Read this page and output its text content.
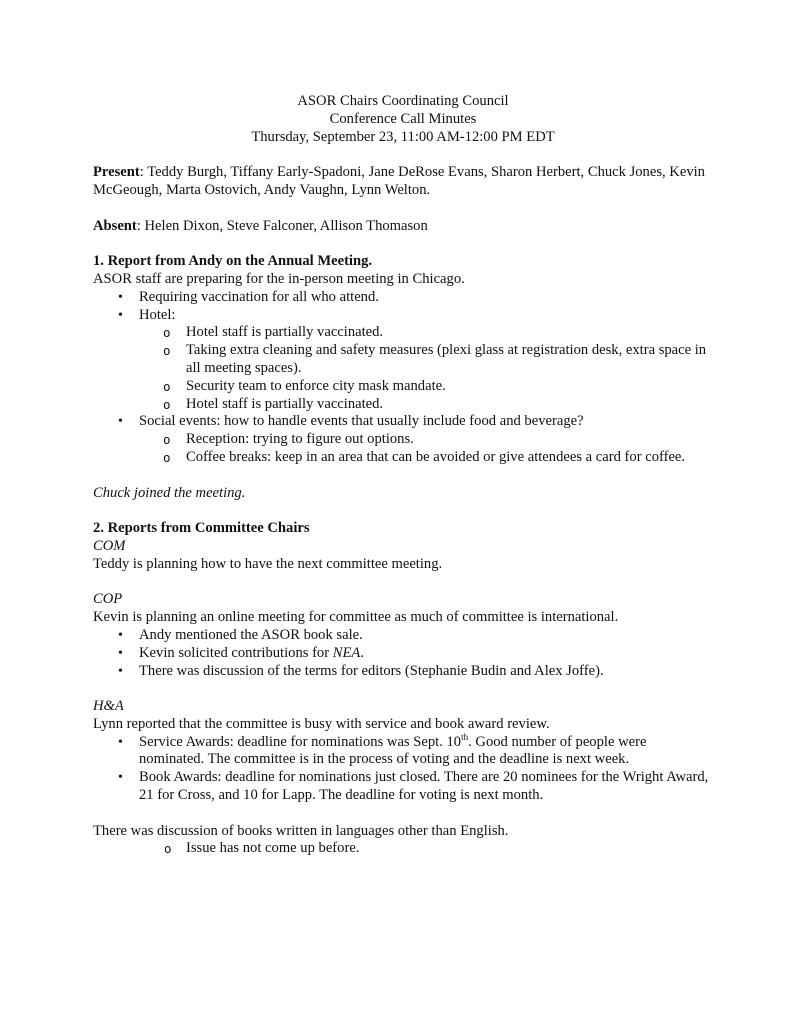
ASOR Chairs Coordinating Council
Conference Call Minutes
Thursday, September 23, 11:00 AM-12:00 PM EDT

Present: Teddy Burgh, Tiffany Early-Spadoni, Jane DeRose Evans, Sharon Herbert, Chuck Jones, Kevin McGeough, Marta Ostovich, Andy Vaughn, Lynn Welton.

Absent: Helen Dixon, Steve Falconer, Allison Thomason

1. Report from Andy on the Annual Meeting.

ASOR staff are preparing for the in-person meeting in Chicago.

• Requiring vaccination for all who attend.
• Hotel:
o Hotel staff is partially vaccinated.
o Taking extra cleaning and safety measures (plexi glass at registration desk, extra space in all meeting spaces).
o Security team to enforce city mask mandate.
o Hotel staff is partially vaccinated.
• Social events: how to handle events that usually include food and beverage?
o Reception: trying to figure out options.
o Coffee breaks: keep in an area that can be avoided or give attendees a card for coffee.

Chuck joined the meeting.

2. Reports from Committee Chairs

COM

Teddy is planning how to have the next committee meeting.

COP

Kevin is planning an online meeting for committee as much of committee is international.

• Andy mentioned the ASOR book sale.
• Kevin solicited contributions for NEA.
• There was discussion of the terms for editors (Stephanie Budin and Alex Joffe).

H&A

Lynn reported that the committee is busy with service and book award review.

• Service Awards: deadline for nominations was Sept. 10th. Good number of people were nominated. The committee is in the process of voting and the deadline is next week.
• Book Awards: deadline for nominations just closed. There are 20 nominees for the Wright Award, 21 for Cross, and 10 for Lapp. The deadline for voting is next month.

There was discussion of books written in languages other than English.

o Issue has not come up before.
